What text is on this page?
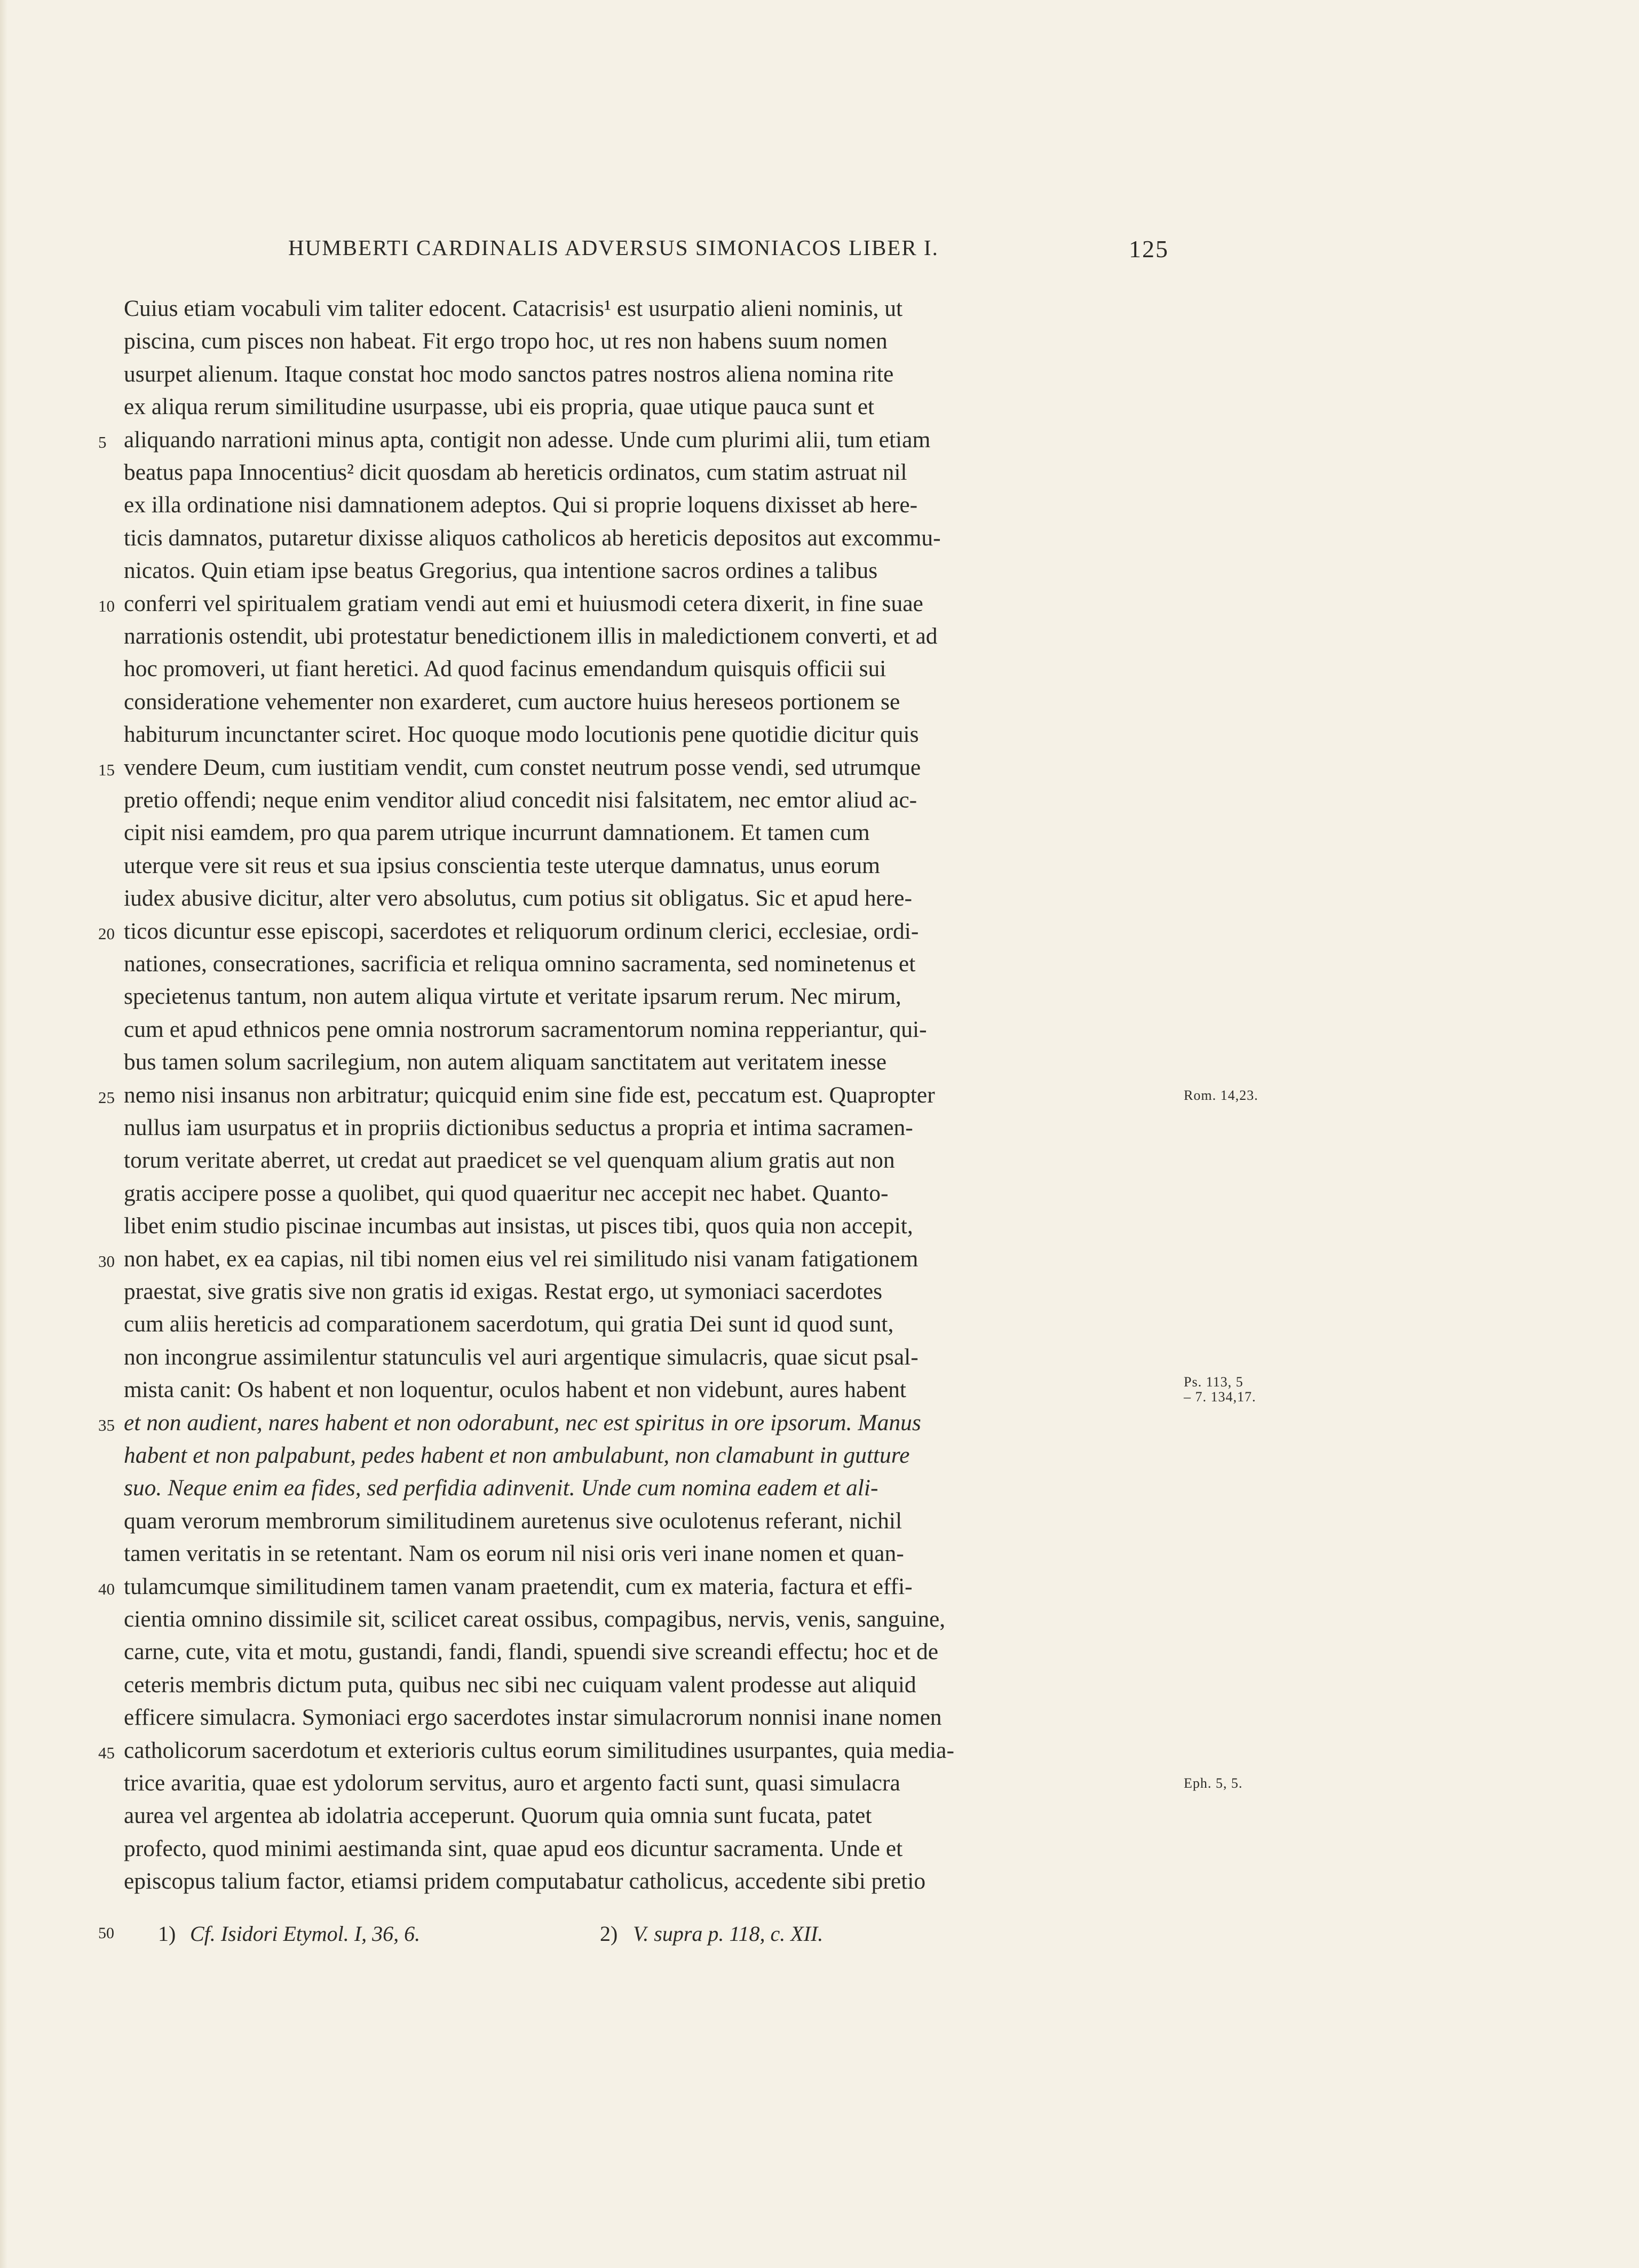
HUMBERTI CARDINALIS ADVERSUS SIMONIACOS LIBER I.	125
Cuius etiam vocabuli vim taliter edocent. Catacrisis¹ est usurpatio alieni nominis, ut
piscina, cum pisces non habeat. Fit ergo tropo hoc, ut res non habens suum nomen
usurpet alienum. Itaque constat hoc modo sanctos patres nostros aliena nomina rite
ex aliqua rerum similitudine usurpasse, ubi eis propria, quae utique pauca sunt et
5 aliquando narrationi minus apta, contigit non adesse. Unde cum plurimi alii, tum etiam
beatus papa Innocentius² dicit quosdam ab hereticis ordinatos, cum statim astruat nil
ex illa ordinatione nisi damnationem adeptos. Qui si proprie loquens dixisset ab here-
ticis damnatos, putaretur dixisse aliquos catholicos ab hereticis depositos aut excommu-
nicatos. Quin etiam ipse beatus Gregorius, qua intentione sacros ordines a talibus
10 conferri vel spiritualem gratiam vendi aut emi et huiusmodi cetera dixerit, in fine suae
narrationis ostendit, ubi protestatur benedictionem illis in maledictionem converti, et ad
hoc promoveri, ut fiant heretici. Ad quod facinus emendandum quisquis officii sui
consideratione vehementer non exarderet, cum auctore huius hereseos portionem se
habiturum incunctanter sciret. Hoc quoque modo locutionis pene quotidie dicitur quis
15 vendere Deum, cum iustitiam vendit, cum constet neutrum posse vendi, sed utrumque
pretio offendi; neque enim venditor aliud concedit nisi falsitatem, nec emtor aliud ac-
cipit nisi eamdem, pro qua parem utrique incurrunt damnationem. Et tamen cum
uterque vere sit reus et sua ipsius conscientia teste uterque damnatus, unus eorum
iudex abusive dicitur, alter vero absolutus, cum potius sit obligatus. Sic et apud here-
20 ticos dicuntur esse episcopi, sacerdotes et reliquorum ordinum clerici, ecclesiae, ordi-
nationes, consecrationes, sacrificia et reliqua omnino sacramenta, sed nominetenus et
specietenus tantum, non autem aliqua virtute et veritate ipsarum rerum. Nec mirum,
cum et apud ethnicos pene omnia nostrorum sacramentorum nomina repperiantur, qui-
bus tamen solum sacrilegium, non autem aliquam sanctitatem aut veritatem inesse
25 nemo nisi insanus non arbitratur; quicquid enim sine fide est, peccatum est. Quapropter
nullus iam usurpatus et in propriis dictionibus seductus a propria et intima sacramen-
torum veritate aberret, ut credat aut praedicet se vel quenquam alium gratis aut non
gratis accipere posse a quolibet, qui quod quaeritur nec accepit nec habet. Quanto-
libet enim studio piscinae incumbas aut insistas, ut pisces tibi, quos quia non accepit,
30 non habet, ex ea capias, nil tibi nomen eius vel rei similitudo nisi vanam fatigationem
praestat, sive gratis sive non gratis id exigas. Restat ergo, ut symoniaci sacerdotes
cum aliis hereticis ad comparationem sacerdotum, qui gratia Dei sunt id quod sunt,
non incongrue assimilentur statunculis vel auri argentique simulacris, quae sicut psal-
mista canit: Os habent et non loquentur, oculos habent et non videbunt, aures habent
35 et non audient, nares habent et non odorabunt, nec est spiritus in ore ipsorum. Manus
habent et non palpabunt, pedes habent et non ambulabunt, non clamabunt in gutture
suo. Neque enim ea fides, sed perfidia adinvenit. Unde cum nomina eadem et ali-
quam verorum membrorum similitudinem auretenus sive oculotenus referant, nichil
tamen veritatis in se retentant. Nam os eorum nil nisi oris veri inane nomen et quan-
40 tulamcumque similitudinem tamen vanam praetendit, cum ex materia, factura et effi-
cientia omnino dissimile sit, scilicet careat ossibus, compagibus, nervis, venis, sanguine,
carne, cute, vita et motu, gustandi, fandi, flandi, spuendi sive screandi effectu; hoc et de
ceteris membris dictum puta, quibus nec sibi nec cuiquam valent prodesse aut aliquid
efficere simulacra. Symoniaci ergo sacerdotes instar simulacrorum nonnisi inane nomen
45 catholicorum sacerdotum et exterioris cultus eorum similitudines usurpantes, quia media-
trice avaritia, quae est ydolorum servitus, auro et argento facti sunt, quasi simulacra
aurea vel argentea ab idolatria acceperunt. Quorum quia omnia sunt fucata, patet
profecto, quod minimi aestimanda sint, quae apud eos dicuntur sacramenta. Unde et
episcopus talium factor, etiamsi pridem computabatur catholicus, accedente sibi pretio
Rom. 14,23.
Ps. 113, 5
– 7. 134,17.
Eph. 5, 5.
50 1) Cf. Isidori Etymol. I, 36, 6.	2) V. supra p. 118, c. XII.
